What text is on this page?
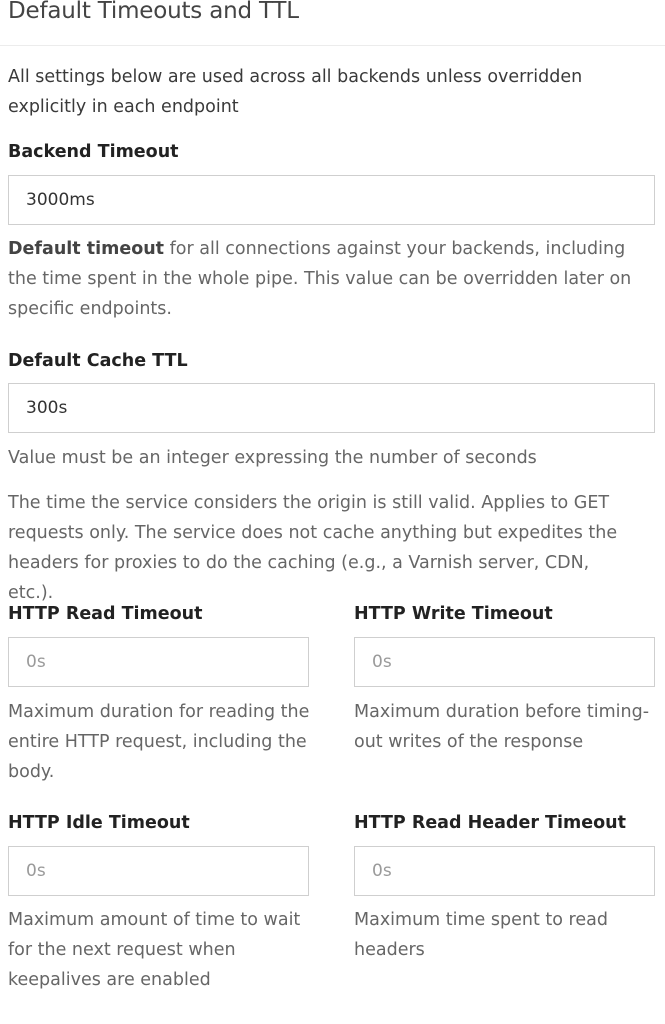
Default Timeouts and TTL
All settings below are used across all backends unless overridden explicitly in each endpoint
Backend Timeout
3000ms
Default timeout for all connections against your backends, including the time spent in the whole pipe. This value can be overridden later on specific endpoints.
Default Cache TTL
300s
Value must be an integer expressing the number of seconds
The time the service considers the origin is still valid. Applies to GET requests only. The service does not cache anything but expedites the headers for proxies to do the caching (e.g., a Varnish server, CDN, etc.).
HTTP Read Timeout
0s
Maximum duration for reading the entire HTTP request, including the body.
HTTP Write Timeout
0s
Maximum duration before timing-out writes of the response
HTTP Idle Timeout
0s
Maximum amount of time to wait for the next request when keepalives are enabled
HTTP Read Header Timeout
0s
Maximum time spent to read headers
